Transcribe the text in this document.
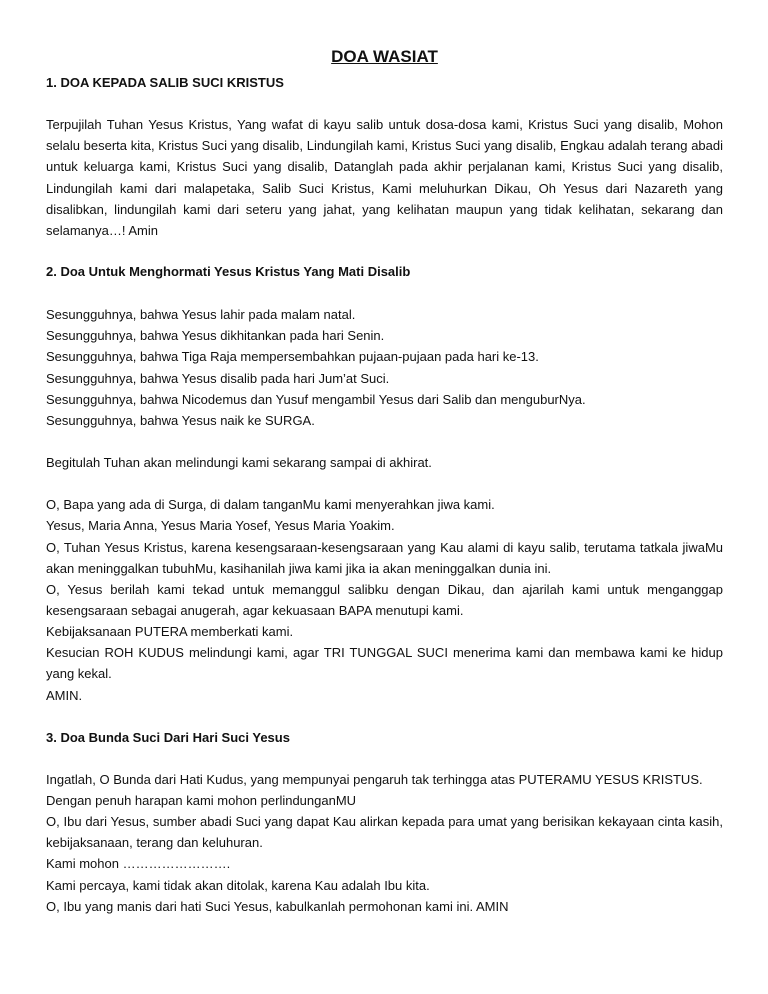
DOA WASIAT
1. DOA KEPADA SALIB SUCI KRISTUS

Terpujilah Tuhan Yesus Kristus, Yang wafat di kayu salib untuk dosa-dosa kami, Kristus Suci yang disalib, Mohon selalu beserta kita, Kristus Suci yang disalib, Lindungilah kami, Kristus Suci yang disalib, Engkau adalah terang abadi untuk keluarga kami, Kristus Suci yang disalib, Datanglah pada akhir perjalanan kami, Kristus Suci yang disalib, Lindungilah kami dari malapetaka, Salib Suci Kristus, Kami meluhurkan Dikau, Oh Yesus dari Nazareth yang disalibkan, lindungilah kami dari seteru yang jahat, yang kelihatan maupun yang tidak kelihatan, sekarang dan selamanya…! Amin

2. Doa Untuk Menghormati Yesus Kristus Yang Mati Disalib

Sesungguhnya, bahwa Yesus lahir pada malam natal.

Sesungguhnya, bahwa Yesus dikhitankan pada hari Senin.

Sesungguhnya, bahwa Tiga Raja mempersembahkan pujaan-pujaan pada hari ke-13.

Sesungguhnya, bahwa Yesus disalib pada hari Jum’at Suci.

Sesungguhnya, bahwa Nicodemus dan Yusuf mengambil Yesus dari Salib dan menguburNya.

Sesungguhnya, bahwa Yesus naik ke SURGA.

Begitulah Tuhan akan melindungi kami sekarang sampai di akhirat.

O, Bapa yang ada di Surga, di dalam tanganMu kami menyerahkan jiwa kami.

Yesus, Maria Anna, Yesus Maria Yosef, Yesus Maria Yoakim.

O, Tuhan Yesus Kristus, karena kesengsaraan-kesengsaraan yang Kau alami di kayu salib, terutama tatkala jiwaMu akan meninggalkan tubuhMu, kasihanilah jiwa kami jika ia akan meninggalkan dunia ini.

O, Yesus berilah kami tekad untuk memanggul salibku dengan Dikau, dan ajarilah kami untuk menganggap kesengsaraan sebagai anugerah, agar kekuasaan BAPA menutupi kami.

Kebijaksanaan PUTERA memberkati kami.

Kesucian ROH KUDUS melindungi kami, agar TRI TUNGGAL SUCI menerima kami dan membawa kami ke hidup yang kekal.

AMIN.

3. Doa Bunda Suci Dari Hari Suci Yesus

Ingatlah, O Bunda dari Hati Kudus, yang mempunyai pengaruh tak terhingga atas PUTERAMU YESUS KRISTUS.

Dengan penuh harapan kami mohon perlindunganMU

O, Ibu dari Yesus, sumber abadi Suci yang dapat Kau alirkan kepada para umat yang berisikan kekayaan cinta kasih, kebijaksanaan, terang dan keluhuran.

Kami mohon …………………….

Kami percaya, kami tidak akan ditolak, karena Kau adalah Ibu kita.

O, Ibu yang manis dari hati Suci Yesus, kabulkanlah permohonan kami ini. AMIN
